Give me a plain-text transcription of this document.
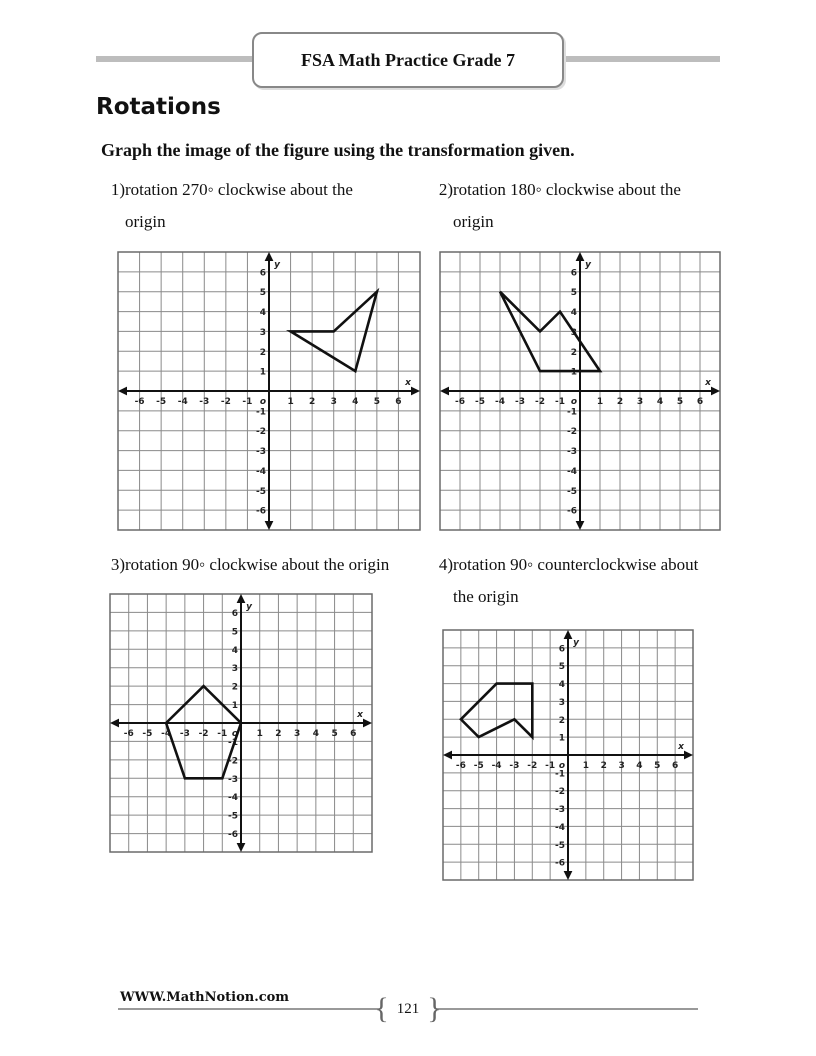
FSA Math Practice Grade 7
Rotations
Graph the image of the figure using the transformation given.
1)rotation 270◦ clockwise about the
origin
2)rotation 180◦ clockwise about the
origin
3)rotation 90◦ clockwise about the origin	4)rotation 90◦ counterclockwise about
the origin
-6 -5 -4 -3 -2 -1	1 2 3 4 5 6
-6
-5
-4
-3
-2
-1
1
2
3
4
5
6
o
x
y
-6 -5 -4 -3 -2 -1	1 2 3 4 5 6
-6
-5
-4
-3
-2
-1
1
2
3
4
5
6
o
x
y
-6 -5 -4 -3 -2 -1	1 2 3 4 5 6
-6
-5
-4
-3
-2
-1
1
2
3
4
5
6
o
x
y
-6 -5 -4 -3 -2 -1	1 2 3 4 5 6
-6
-5
-4
-3
-2
-1
1
2
3
4
5
6
o
x
y
WWW.MathNotion.com	{ 121 }
